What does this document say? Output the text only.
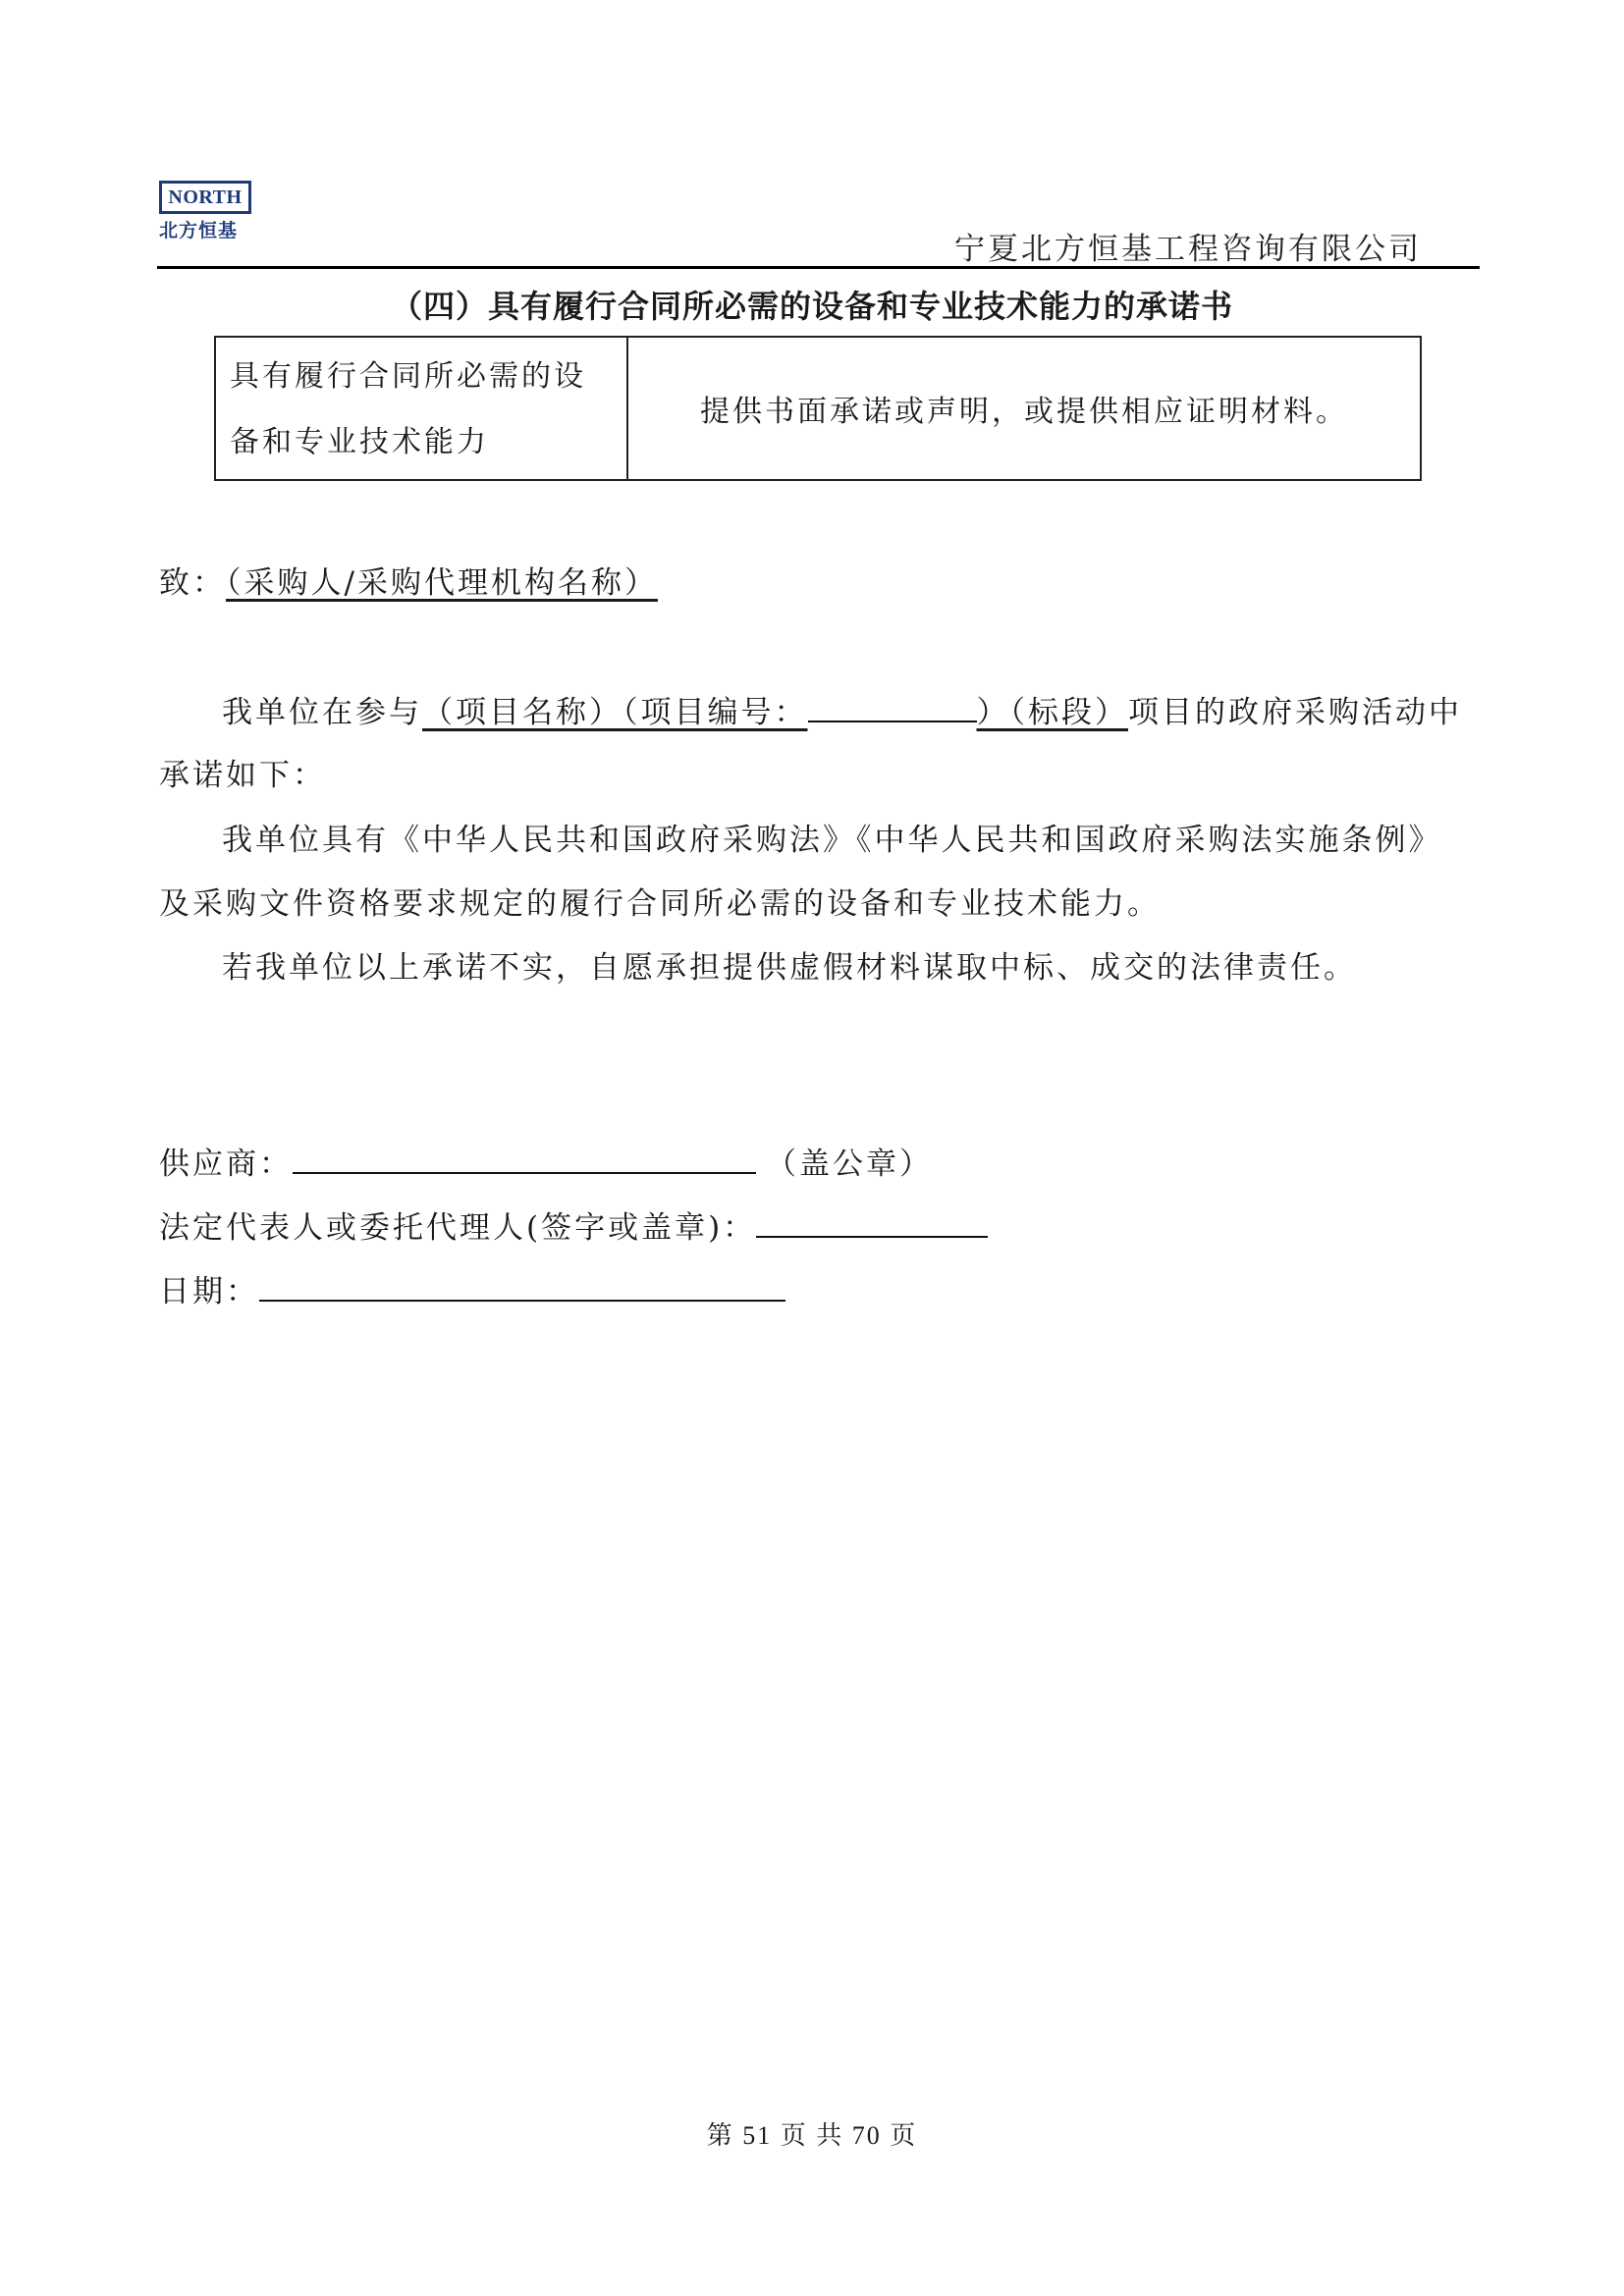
NORTH
北方恒基
宁夏北方恒基工程咨询有限公司
（四）具有履行合同所必需的设备和专业技术能力的承诺书
具有履行合同所必需的设
备和专业技术能力
提供书面承诺或声明，或提供相应证明材料。
致：（采购人/采购代理机构名称）
我单位在参与（项目名称）（项目编号：	）（标段）项目的政府采购活动中
承诺如下：
我单位具有《中华人民共和国政府采购法》《中华人民共和国政府采购法实施条例》
及采购文件资格要求规定的履行合同所必需的设备和专业技术能力。
若我单位以上承诺不实，自愿承担提供虚假材料谋取中标、成交的法律责任。
供应商：	（盖公章）
法定代表人或委托代理人(签字或盖章)：
日期：
第 51 页 共 70 页
